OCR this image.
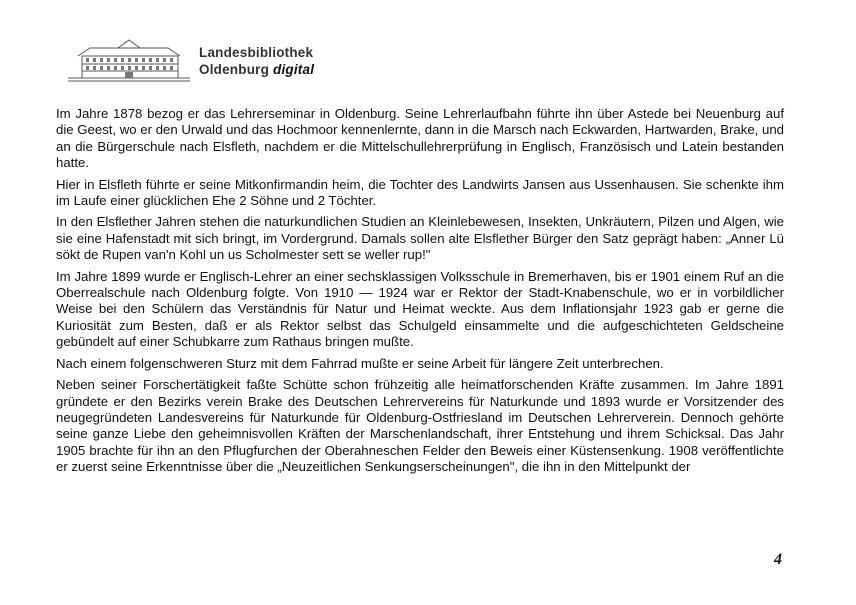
Landesbibliothek
Oldenburg digital

Im Jahre 1878 bezog er das Lehrerseminar in Oldenburg. Seine Lehrerlaufbahn führte ihn über Astede bei Neuenburg auf die Geest, wo er den Urwald und das Hochmoor kennenlernte, dann in die Marsch nach Eckwarden, Hartwarden, Brake, und an die Bürgerschule nach Elsfleth, nachdem er die Mittelschullehrerprüfung in Englisch, Französisch und Latein bestanden hatte.

Hier in Elsfleth führte er seine Mitkonfirmandin heim, die Tochter des Landwirts Jansen aus Ussenhausen. Sie schenkte ihm im Laufe einer glücklichen Ehe 2 Söhne und 2 Töchter.

In den Elsflether Jahren stehen die naturkundlichen Studien an Kleinlebewesen, Insekten, Unkräutern, Pilzen und Algen, wie sie eine Hafenstadt mit sich bringt, im Vordergrund. Damals sollen alte Elsflether Bürger den Satz geprägt haben: „Anner Lü sökt de Rupen van'n Kohl un us Scholmester sett se weller rup!"

Im Jahre 1899 wurde er Englisch-Lehrer an einer sechsklassigen Volksschule in Bremerhaven, bis er 1901 einem Ruf an die Oberrealschule nach Oldenburg folgte. Von 1910 — 1924 war er Rektor der Stadt-Knabenschule, wo er in vorbildlicher Weise bei den Schülern das Verständnis für Natur und Heimat weckte. Aus dem Inflationsjahr 1923 gab er gerne die Kuriosität zum Besten, daß er als Rektor selbst das Schulgeld einsammelte und die aufgeschichteten Geldscheine gebündelt auf einer Schubkarre zum Rathaus bringen mußte.

Nach einem folgenschweren Sturz mit dem Fahrrad mußte er seine Arbeit für längere Zeit unterbrechen.

Neben seiner Forschertätigkeit faßte Schütte schon frühzeitig alle heimatforschenden Kräfte zusammen. Im Jahre 1891 gründete er den Bezirks verein Brake des Deutschen Lehrervereins für Naturkunde und 1893 wurde er Vorsitzender des neugegründeten Landesvereins für Naturkunde für Oldenburg-Ostfriesland im Deutschen Lehrerverein. Dennoch gehörte seine ganze Liebe den geheimnisvollen Kräften der Marschenlandschaft, ihrer Entstehung und ihrem Schicksal. Das Jahr 1905 brachte für ihn an den Pflugfurchen der Oberahneschen Felder den Beweis einer Küstensenkung. 1908 veröffentlichte er zuerst seine Erkenntnisse über die „Neuzeitlichen Senkungserscheinungen", die ihn in den Mittelpunkt der

4
